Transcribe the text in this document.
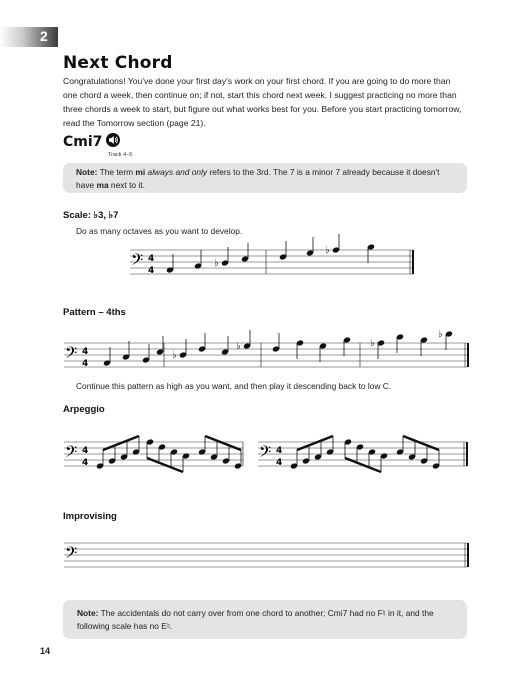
2
Next Chord

Congratulations! You've done your first day's work on your first chord. If you are going to do more than one chord a week, then continue on; if not, start this chord next week. I suggest practicing no more than three chords a week to start, but figure out what works best for you. Before you start practicing tomorrow, read the Tomorrow section (page 21).

Cmi7
Track 4–5
Note: The term mi always and only refers to the 3rd. The 7 is a minor 7 already because it doesn't have ma next to it.
Scale: ♭3, ♭7
Do as many octaves as you want to develop.
𝄢 4
4
♭
♭
Pattern – 4ths
𝄢 4
4
♭
♭	♭
♭
Continue this pattern as high as you want, and then play it descending back to low C.
Arpeggio
𝄢 4
4	𝄢 4
4
Improvising
𝄢
Note: The accidentals do not carry over from one chord to another; Cmi7 had no F♮ in it, and the following scale has no E♮.
14
